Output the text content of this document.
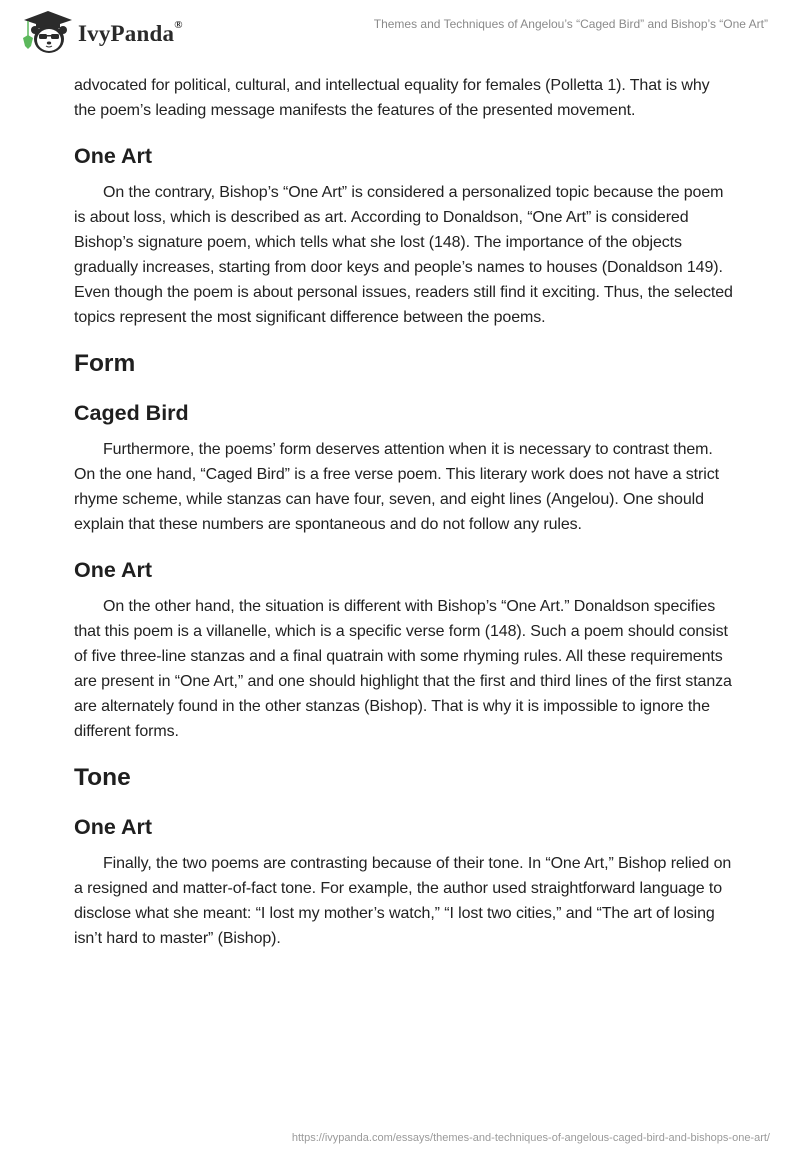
IvyPanda®	Themes and Techniques of Angelou’s “Caged Bird” and Bishop’s “One Art”

advocated for political, cultural, and intellectual equality for females (Polletta 1). That is why the poem’s leading message manifests the features of the presented movement.

One Art

On the contrary, Bishop’s “One Art” is considered a personalized topic because the poem is about loss, which is described as art. According to Donaldson, “One Art” is considered Bishop’s signature poem, which tells what she lost (148). The importance of the objects gradually increases, starting from door keys and people’s names to houses (Donaldson 149). Even though the poem is about personal issues, readers still find it exciting. Thus, the selected topics represent the most significant difference between the poems.

Form
Caged Bird

Furthermore, the poems’ form deserves attention when it is necessary to contrast them. On the one hand, “Caged Bird” is a free verse poem. This literary work does not have a strict rhyme scheme, while stanzas can have four, seven, and eight lines (Angelou). One should explain that these numbers are spontaneous and do not follow any rules.

One Art

On the other hand, the situation is different with Bishop’s “One Art.” Donaldson specifies that this poem is a villanelle, which is a specific verse form (148). Such a poem should consist of five three-line stanzas and a final quatrain with some rhyming rules. All these requirements are present in “One Art,” and one should highlight that the first and third lines of the first stanza are alternately found in the other stanzas (Bishop). That is why it is impossible to ignore the different forms.

Tone
One Art

Finally, the two poems are contrasting because of their tone. In “One Art,” Bishop relied on a resigned and matter-of-fact tone. For example, the author used straightforward language to disclose what she meant: “I lost my mother’s watch,” “I lost two cities,” and “The art of losing isn’t hard to master” (Bishop).

https://ivypanda.com/essays/themes-and-techniques-of-angelous-caged-bird-and-bishops-one-art/
